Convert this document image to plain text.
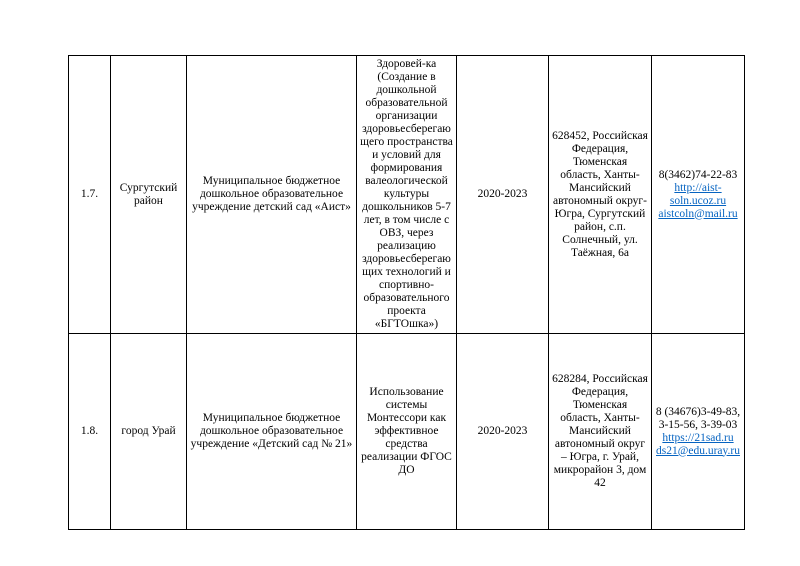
1.7.	Сургутский район	Муниципальное бюджетное дошкольное образовательное учреждение детский сад «Аист»	Здоровей-ка (Создание в дошкольной образовательной организации здоровьесберегающего пространства и условий для формирования валеологической культуры дошкольников 5-7 лет, в том числе с ОВЗ, через реализацию здоровьесберегающих технологий и спортивно-образовательного проекта «БГТОшка»)	2020-2023	628452, Российская Федерация, Тюменская область, Ханты-Мансийский автономный округ-Югра, Сургутский район, с.п. Солнечный, ул. Таёжная, 6а	
8(3462)74-22-83
http://aist-soln.ucoz.ru
aistcoln@mail.ru

1.8.	город Урай	Муниципальное бюджетное дошкольное образовательное учреждение «Детский сад № 21»	Использование системы Монтессори как эффективное средства реализации ФГОС ДО	2020-2023	628284, Российская Федерация, Тюменская область, Ханты-Мансийский автономный округ – Югра, г. Урай, микрорайон 3, дом 42	8 (34676)3-49-83, 3-15-56, 3-39-03
https://21sad.ru
ds21@edu.uray.ru
